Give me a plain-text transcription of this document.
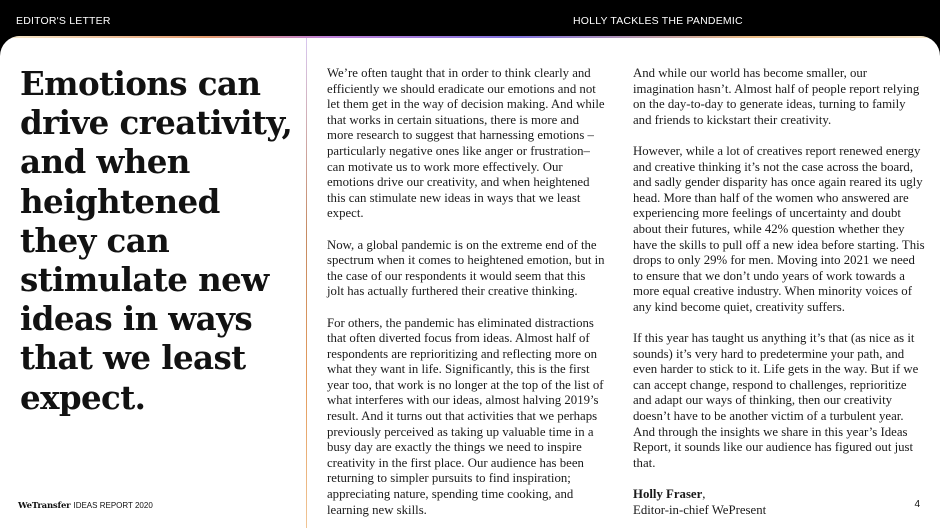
EDITOR'S LETTER	HOLLY TACKLES THE PANDEMIC
Emotions can drive creativity, and when heightened they can stimulate new ideas in ways that we least expect.

We’re often taught that in order to think clearly and efficiently we should eradicate our emotions and not let them get in the way of decision making. And while that works in certain situations, there is more and more research to suggest that harnessing emotions –particularly negative ones like anger or frustration– can motivate us to work more effectively. Our emotions drive our creativity, and when heightened this can stimulate new ideas in ways that we least expect.

Now, a global pandemic is on the extreme end of the spectrum when it comes to heightened emotion, but in the case of our respondents it would seem that this jolt has actually furthered their creative thinking.

For others, the pandemic has eliminated distractions that often diverted focus from ideas. Almost half of respondents are reprioritizing and reflecting more on what they want in life. Significantly, this is the first year too, that work is no longer at the top of the list of what interferes with our ideas, almost halving 2019’s result. And it turns out that activities that we perhaps previously perceived as taking up valuable time in a busy day are exactly the things we need to inspire creativity in the first place. Our audience has been returning to simpler pursuits to find inspiration; appreciating nature, spending time cooking, and learning new skills.

And while our world has become smaller, our imagination hasn’t. Almost half of people report relying on the day-to-day to generate ideas, turning to family and friends to kickstart their creativity.

However, while a lot of creatives report renewed energy and creative thinking it’s not the case across the board, and sadly gender disparity has once again reared its ugly head. More than half of the women who answered are experiencing more feelings of uncertainty and doubt about their futures, while 42% question whether they have the skills to pull off a new idea before starting. This drops to only 29% for men. Moving into 2021 we need to ensure that we don’t undo years of work towards a more equal creative industry. When minority voices of any kind become quiet, creativity suffers.

If this year has taught us anything it’s that (as nice as it sounds) it’s very hard to predetermine your path, and even harder to stick to it. Life gets in the way. But if we can accept change, respond to challenges, reprioritize and adapt our ways of thinking, then our creativity doesn’t have to be another victim of a turbulent year. And through the insights we share in this year’s Ideas Report, it sounds like our audience has figured out just that.

Holly Fraser,
Editor-in-chief WePresent
WeTransfer IDEAS REPORT 2020	4
